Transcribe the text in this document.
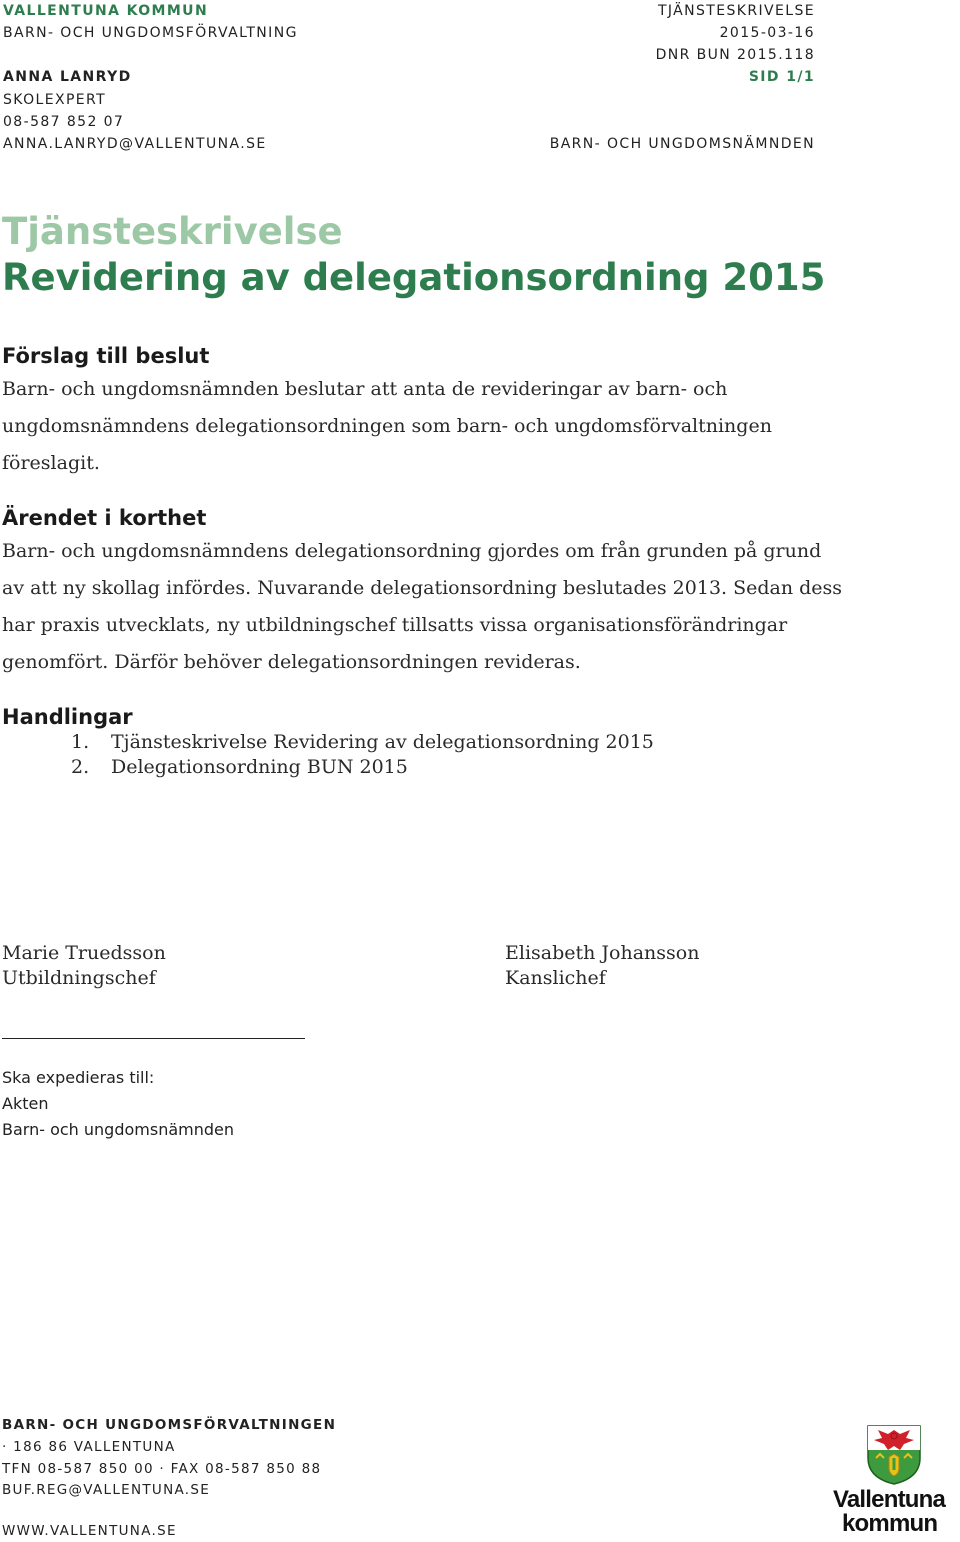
VALLENTUNA KOMMUN
BARN- OCH UNGDOMSFÖRVALTNING
ANNA LANRYD
SKOLEXPERT
08-587 852 07
ANNA.LANRYD@VALLENTUNA.SE
TJÄNSTESKRIVELSE
2015-03-16
DNR BUN 2015.118
SID 1/1
BARN- OCH UNGDOMSNÄMNDEN
Tjänsteskrivelse
Revidering av delegationsordning 2015
Förslag till beslut
Barn- och ungdomsnämnden beslutar att anta de revideringar av barn- och
ungdomsnämndens delegationsordningen som barn- och ungdomsförvaltningen
föreslagit.
Ärendet i korthet
Barn- och ungdomsnämndens delegationsordning gjordes om från grunden på grund
av att ny skollag infördes. Nuvarande delegationsordning beslutades 2013. Sedan dess
har praxis utvecklats, ny utbildningschef tillsatts vissa organisationsförändringar
genomfört. Därför behöver delegationsordningen revideras.
Handlingar
1. Tjänsteskrivelse Revidering av delegationsordning 2015
2. Delegationsordning BUN 2015
Marie Truedsson
Utbildningschef
Elisabeth Johansson
Kanslichef
Ska expedieras till:
Akten
Barn- och ungdomsnämnden
BARN- OCH UNGDOMSFÖRVALTNINGEN
· 186 86 VALLENTUNA
TFN 08-587 850 00 · FAX 08-587 850 88
BUF.REG@VALLENTUNA.SE
WWW.VALLENTUNA.SE
Vallentuna
kommun
